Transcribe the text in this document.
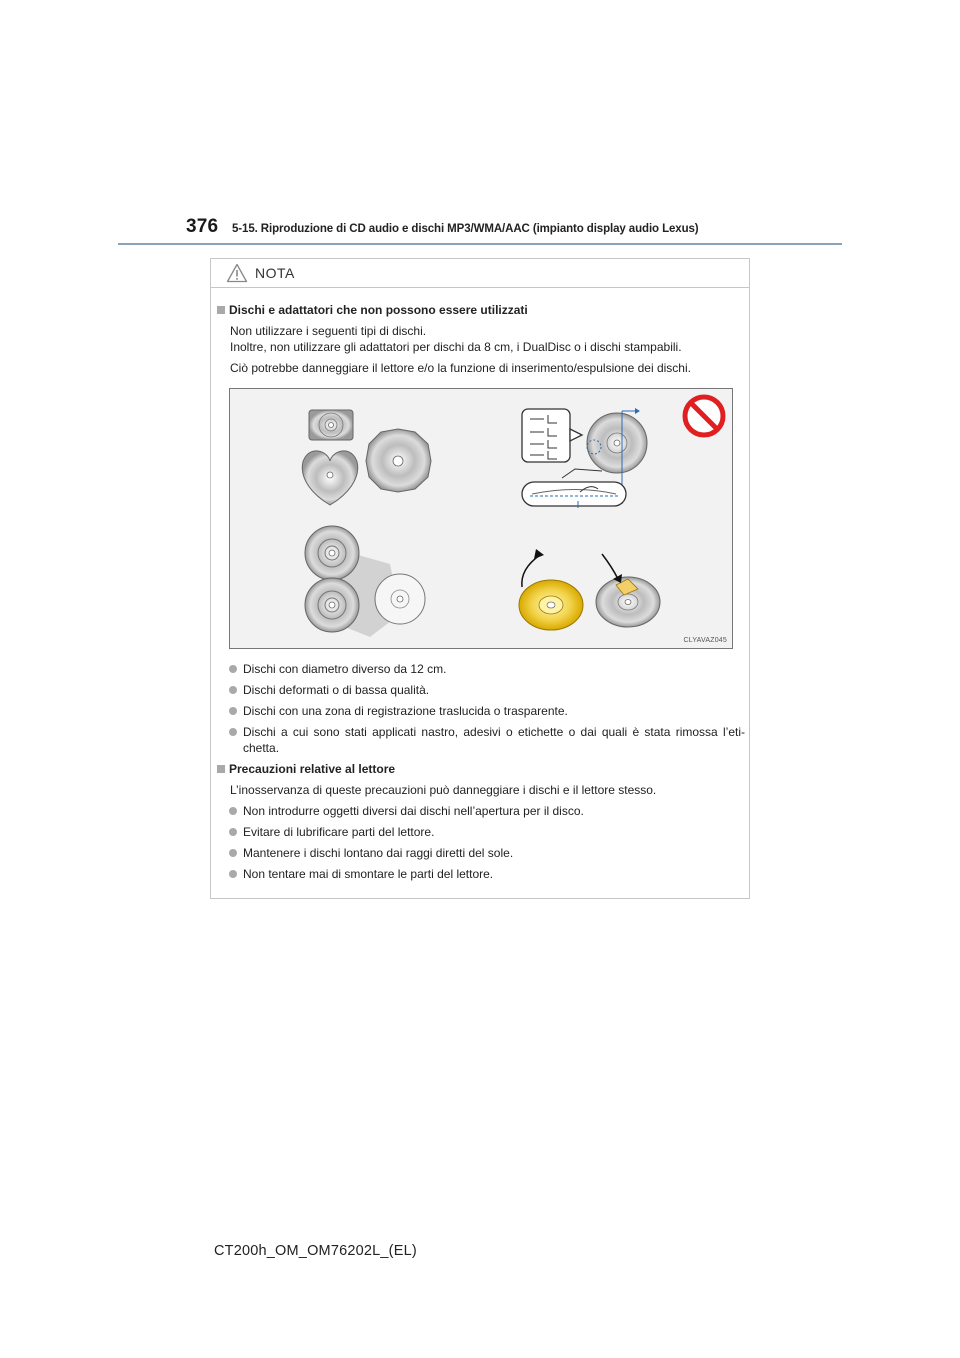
376 5-15. Riproduzione di CD audio e dischi MP3/WMA/AAC (impianto display audio Lexus)
NOTA
Dischi e adattatori che non possono essere utilizzati
Non utilizzare i seguenti tipi di dischi.
Inoltre, non utilizzare gli adattatori per dischi da 8 cm, i DualDisc o i dischi stampabili.
Ciò potrebbe danneggiare il lettore e/o la funzione di inserimento/espulsione dei dischi.
CLYAVAZ045
Dischi con diametro diverso da 12 cm.
Dischi deformati o di bassa qualità.
Dischi con una zona di registrazione traslucida o trasparente.
Dischi a cui sono stati applicati nastro, adesivi o etichette o dai quali è stata rimossa l’eti-chetta.
Precauzioni relative al lettore
L’inosservanza di queste precauzioni può danneggiare i dischi e il lettore stesso.
Non introdurre oggetti diversi dai dischi nell’apertura per il disco.
Evitare di lubrificare parti del lettore.
Mantenere i dischi lontano dai raggi diretti del sole.
Non tentare mai di smontare le parti del lettore.
CT200h_OM_OM76202L_(EL)
